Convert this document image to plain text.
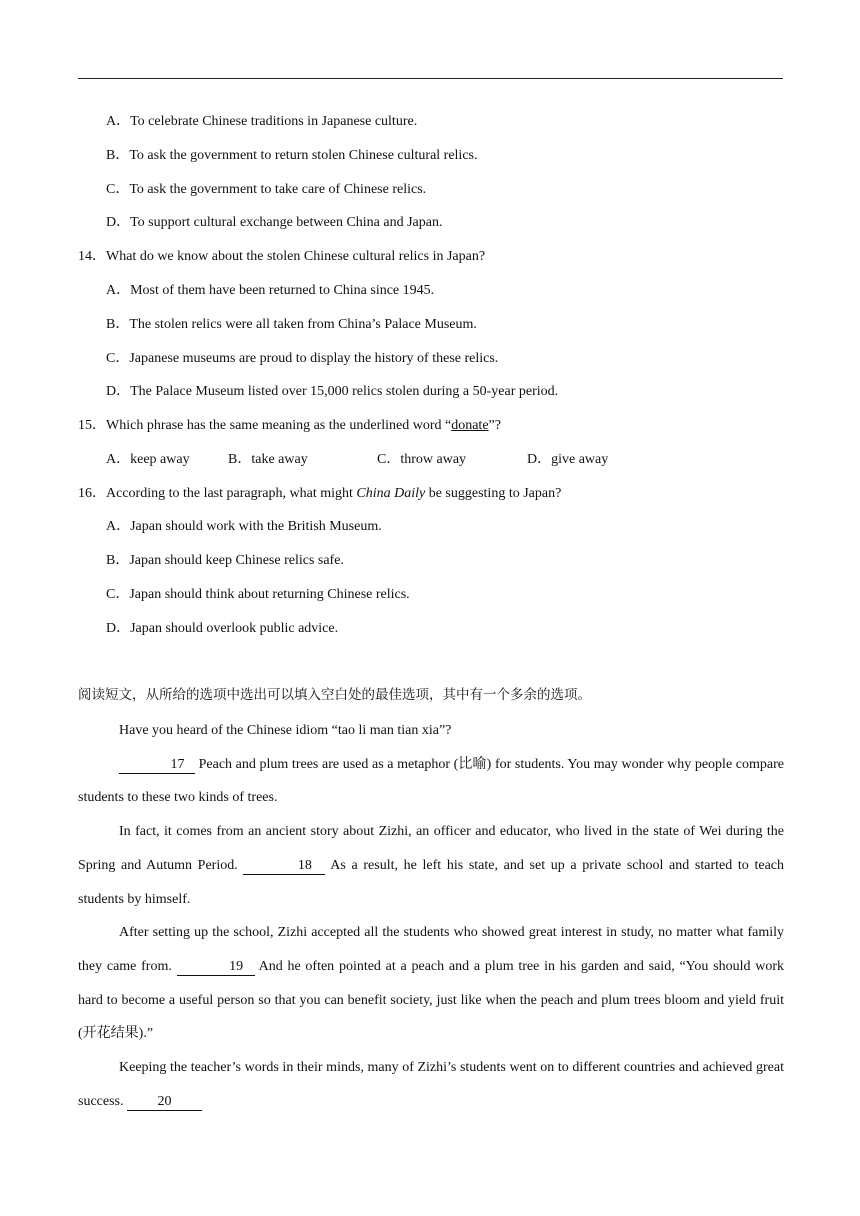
A．To celebrate Chinese traditions in Japanese culture.
B．To ask the government to return stolen Chinese cultural relics.
C．To ask the government to take care of Chinese relics.
D．To support cultural exchange between China and Japan.
14．What do we know about the stolen Chinese cultural relics in Japan?
A．Most of them have been returned to China since 1945.
B．The stolen relics were all taken from China’s Palace Museum.
C．Japanese museums are proud to display the history of these relics.
D．The Palace Museum listed over 15,000 relics stolen during a 50-year period.
15．Which phrase has the same meaning as the underlined word “donate”?
A．keep away	B．take away	C．throw away	D．give away
16．According to the last paragraph, what might China Daily be suggesting to Japan?
A．Japan should work with the British Museum.
B．Japan should keep Chinese relics safe.
C．Japan should think about returning Chinese relics.
D．Japan should overlook public advice.
阅读短文，从所给的选项中选出可以填入空白处的最佳选项，其中有一个多余的选项。
Have you heard of the Chinese idiom “tao li man tian xia”?
17 Peach and plum trees are used as a metaphor (比喻) for students. You may wonder why people compare students to these two kinds of trees.
In fact, it comes from an ancient story about Zizhi, an officer and educator, who lived in the state of Wei during the Spring and Autumn Period.	18 As a result, he left his state, and set up a private school and started to teach students by himself.
After setting up the school, Zizhi accepted all the students who showed great interest in study, no matter what family they came from.	19 And he often pointed at a peach and a plum tree in his garden and said, “You should work hard to become a useful person so that you can benefit society, just like when the peach and plum trees bloom and yield fruit (开花结果).”
Keeping the teacher’s words in their minds, many of Zizhi’s students went on to different countries and achieved great success. 20
